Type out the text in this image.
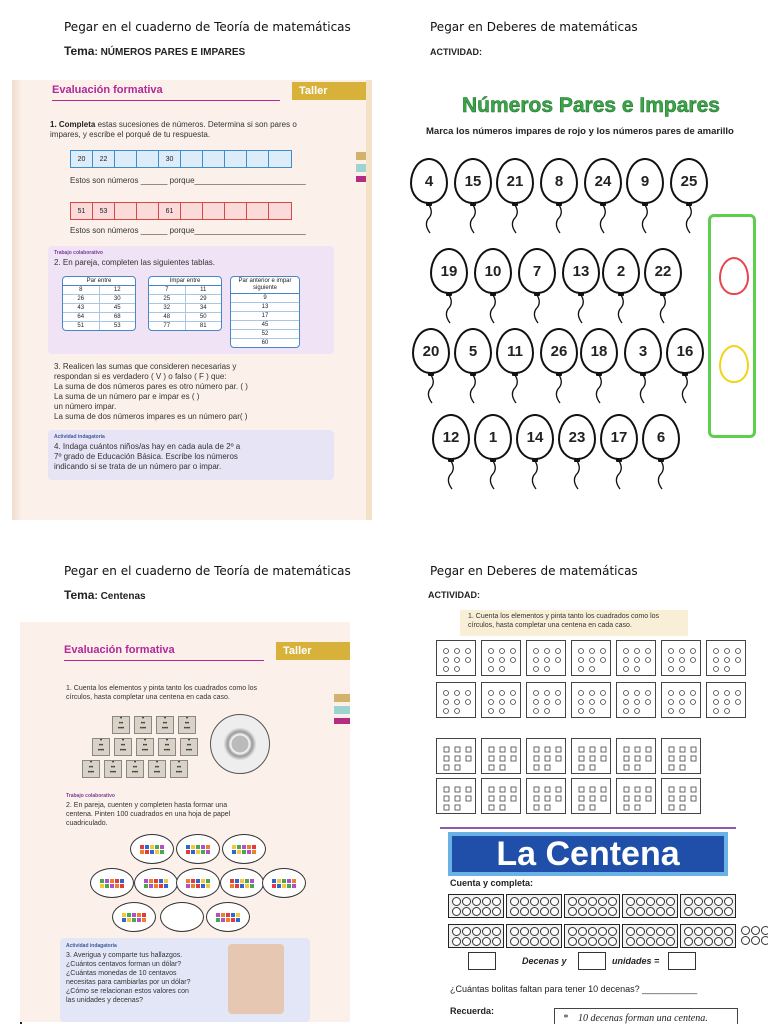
Pegar en el cuaderno de Teoría de matemáticas	Pegar en Deberes de matemáticas
Tema: NÚMEROS PARES E IMPARES	ACTIVIDAD:
Evaluación formativa	Taller
1. Completa estas sucesiones de números. Determina si son pares o impares, y escribe el porqué de tu respuesta.
20	22	30
Estos son números ______ porque_________________________
51	53	61
Estos son números ______ porque_________________________
Trabajo colaborativo
2. En pareja, completen las siguientes tablas.
Par entre
8	12
26	30
43	45
64	68
51	53
Impar entre
7	11
25	29
32	34
48	50
77	81
Par anterior e impar siguiente
9
13
17
45
52
60
3. Realicen las sumas que consideren necesarias y
respondan si es verdadero ( V ) o falso ( F ) que:
La suma de dos números pares es otro número par. ( )
La suma de un número par e impar es ( )
un número impar.
La suma de dos números impares es un número par( )
Actividad indagatoria
4. Indaga cuántos niños/as hay en cada aula de 2º a
7º grado de Educación Básica. Escribe los números
indicando si se trata de un número par o impar.
Números Pares e Impares
Marca los números impares de rojo y los números pares de amarillo
4	15	21	8	24	9	25
19	10	7	13	2	22
20	5	11	26	18	3	16
12	1	14	23	17	6
Pegar en el cuaderno de Teoría de matemáticas	Pegar en Deberes de matemáticas
Tema: Centenas	ACTIVIDAD:
Evaluación formativa	Taller
1. Cuenta los elementos y pinta tanto los cuadrados como los
círculos, hasta completar una centena en cada caso.
•
••
•••
•
••
•••
•
••
•••
•
••
•••
•
••
•••
•
••
•••
•
••
•••
•
••
•••
•
••
•••
•
••
•••
•
••
•••
•
••
•••
•
••
•••
•
••
•••
Trabajo colaborativo
2. En pareja, cuenten y completen hasta formar una
centena. Pinten 100 cuadrados en una hoja de papel
cuadriculado.
Actividad indagatoria
3. Averigua y comparte tus hallazgos.
¿Cuántos centavos forman un dólar?
¿Cuántas monedas de 10 centavos
necesitas para cambiarlas por un dólar?
¿Cómo se relacionan estos valores con
las unidades y decenas?
1. Cuenta los elementos y pinta tanto los cuadrados como los
círculos, hasta completar una centena en cada caso.
La Centena
Cuenta y completa:
Decenas y	unidades =
¿Cuántas bolitas faltan para tener 10 decenas? ___________
Recuerda:
*    10 decenas forman una centena.
